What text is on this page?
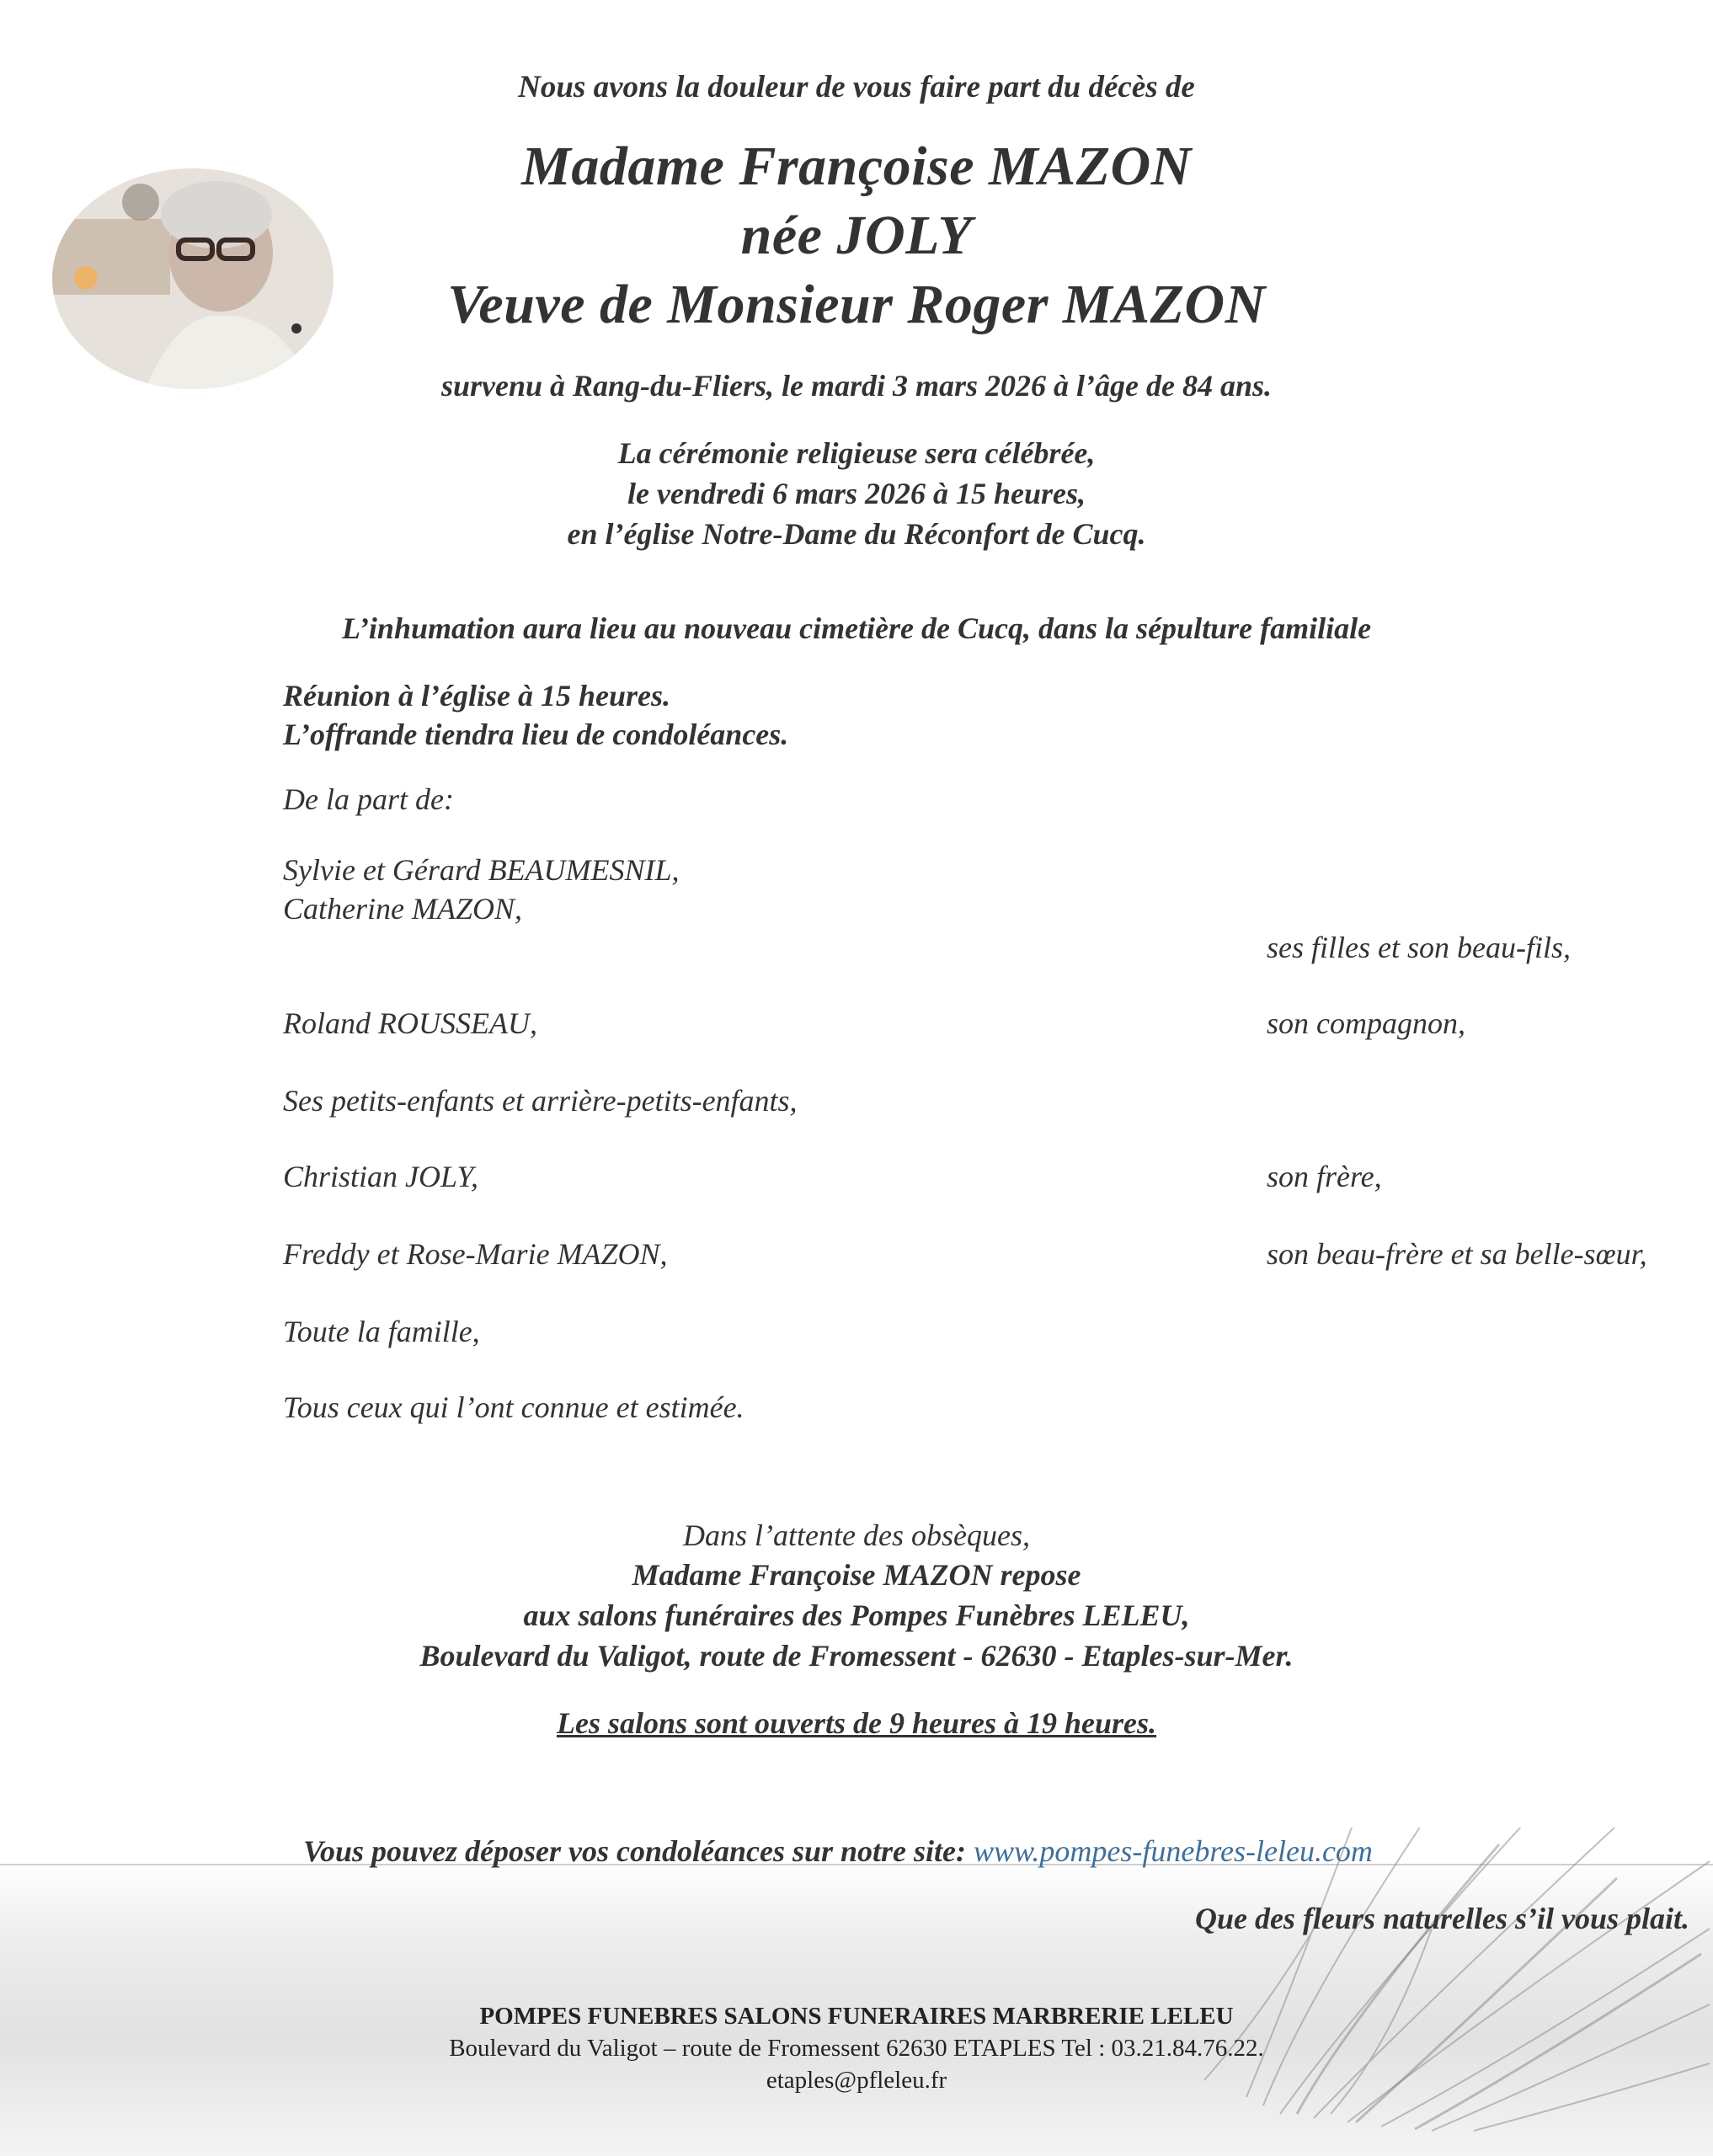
Nous avons la douleur de vous faire part du décès de

Madame Françoise MAZON

née JOLY

Veuve de Monsieur Roger MAZON

survenu à Rang-du-Fliers, le mardi 3 mars 2026 à l’âge de 84 ans.

La cérémonie religieuse sera célébrée,

le vendredi 6 mars 2026 à 15 heures,

en l’église Notre-Dame du Réconfort de Cucq.

L’inhumation aura lieu au nouveau cimetière de Cucq, dans la sépulture familiale

Réunion à l’église à 15 heures.

L’offrande tiendra lieu de condoléances.

De la part de:

Sylvie et Gérard BEAUMESNIL,

Catherine MAZON,

ses filles et son beau-fils,

Roland ROUSSEAU,	son compagnon,

Ses petits-enfants et arrière-petits-enfants,

Christian JOLY,	son frère,

Freddy et Rose-Marie MAZON,	son beau-frère et sa belle-sœur,

Toute la famille,

Tous ceux qui l’ont connue et estimée.

Dans l’attente des obsèques,

Madame Françoise MAZON repose

aux salons funéraires des Pompes Funèbres LELEU,

Boulevard du Valigot, route de Fromessent - 62630 - Etaples-sur-Mer.

Les salons sont ouverts de 9 heures à 19 heures.

Vous pouvez déposer vos condoléances sur notre site: www.pompes-funebres-leleu.com

Que des fleurs naturelles s’il vous plait.

POMPES FUNEBRES SALONS FUNERAIRES MARBRERIE LELEU

Boulevard du Valigot – route de Fromessent 62630 ETAPLES Tel : 03.21.84.76.22.

etaples@pfleleu.fr
